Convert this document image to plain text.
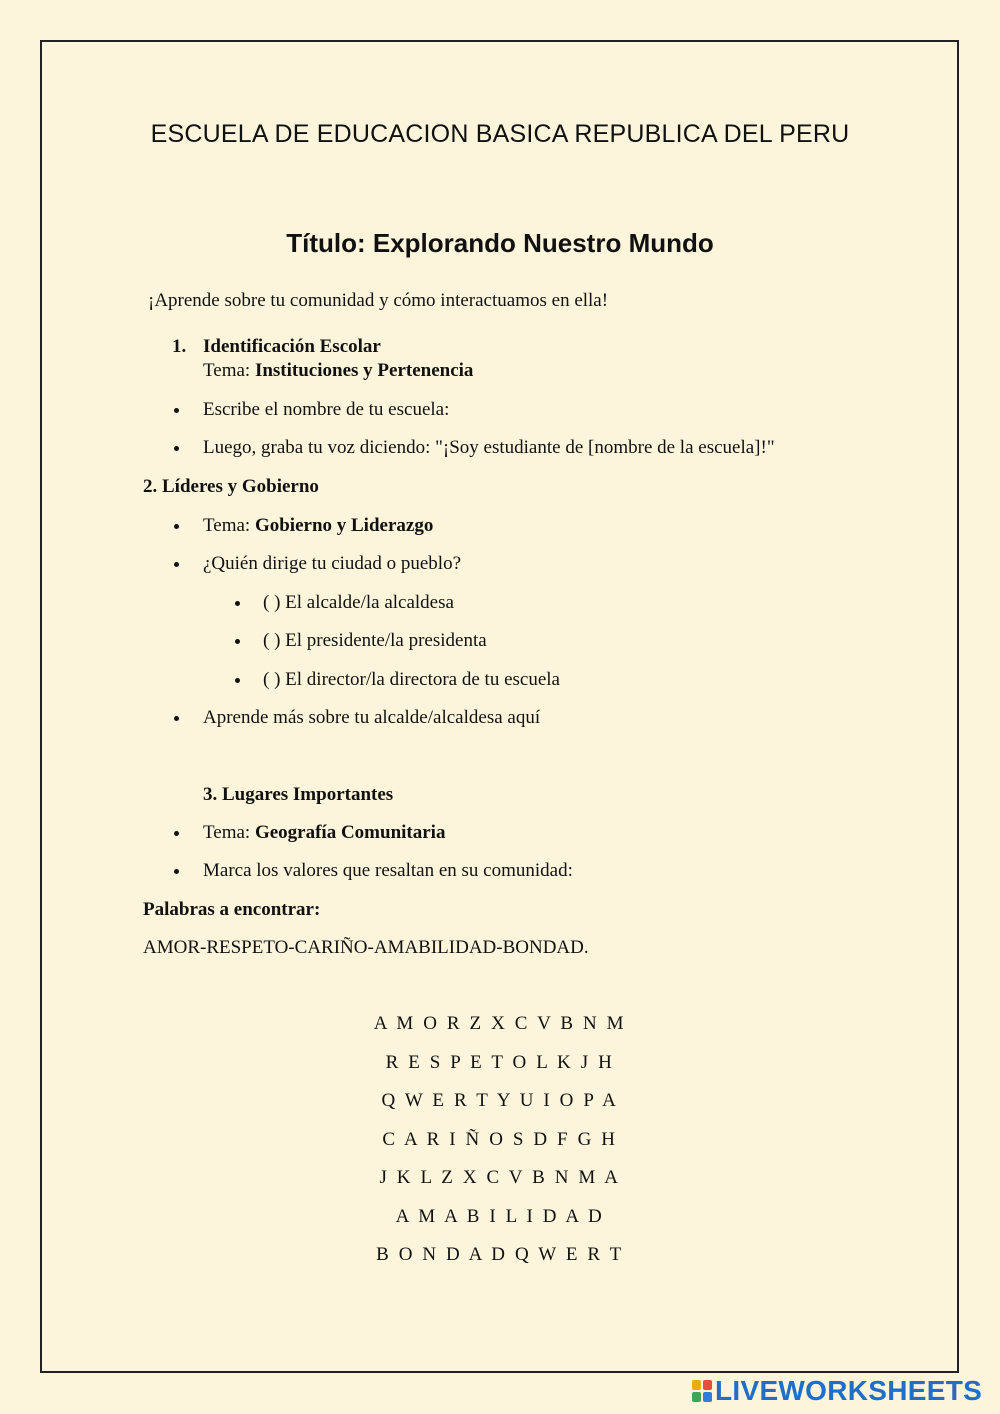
ESCUELA DE EDUCACION BASICA REPUBLICA DEL PERU
Título: Explorando Nuestro Mundo
¡Aprende sobre tu comunidad y cómo interactuamos en ella!
1. Identificación Escolar
Tema: Instituciones y Pertenencia
Escribe el nombre de tu escuela:
Luego, graba tu voz diciendo: "¡Soy estudiante de [nombre de la escuela]!"
2. Líderes y Gobierno
Tema: Gobierno y Liderazgo
¿Quién dirige tu ciudad o pueblo?
( ) El alcalde/la alcaldesa
( ) El presidente/la presidenta
( ) El director/la directora de tu escuela
Aprende más sobre tu alcalde/alcaldesa aquí
3. Lugares Importantes
Tema: Geografía Comunitaria
Marca los valores que resaltan en su comunidad:
Palabras a encontrar:
AMOR-RESPETO-CARIÑO-AMABILIDAD-BONDAD.
A M O R Z X C V B N M
R E S P E T O L K J H
Q W E R T Y U I O P A
C A R I Ñ O S D F G H
J K L Z X C V B N M A
A M A B I L I D A D
B O N D A D Q W E R T
LIVEWORKSHEETS
